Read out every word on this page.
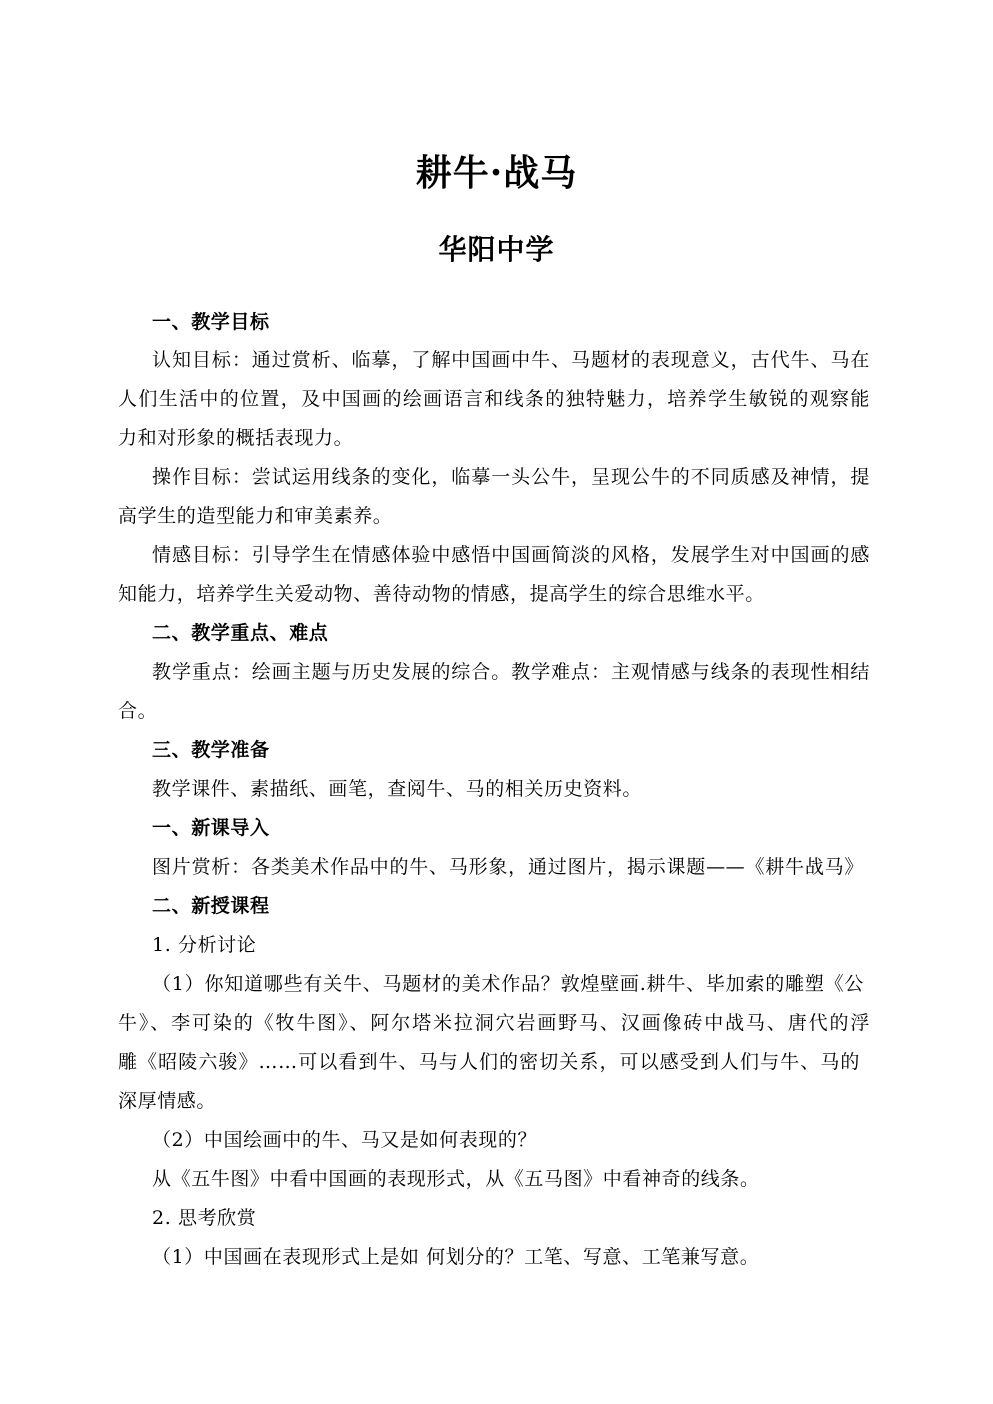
耕牛·战马
华阳中学
一、教学目标
认知目标：通过赏析、临摹，了解中国画中牛、马题材的表现意义，古代牛、马在
人们生活中的位置，及中国画的绘画语言和线条的独特魅力，培养学生敏锐的观察能
力和对形象的概括表现力。
操作目标：尝试运用线条的变化，临摹一头公牛，呈现公牛的不同质感及神情，提
高学生的造型能力和审美素养。
情感目标：引导学生在情感体验中感悟中国画简淡的风格，发展学生对中国画的感
知能力，培养学生关爱动物、善待动物的情感，提高学生的综合思维水平。
二、教学重点、难点
教学重点：绘画主题与历史发展的综合。教学难点：主观情感与线条的表现性相结
合。
三、教学准备
教学课件、素描纸、画笔，查阅牛、马的相关历史资料。
一、新课导入
图片赏析：各类美术作品中的牛、马形象，通过图片，揭示课题——《耕牛战马》
二、新授课程
1. 分析讨论
（1）你知道哪些有关牛、马题材的美术作品？敦煌壁画.耕牛、毕加索的雕塑《公
牛》、李可染的《牧牛图》、阿尔塔米拉洞穴岩画野马、汉画像砖中战马、唐代的浮
雕《昭陵六骏》……可以看到牛、马与人们的密切关系，可以感受到人们与牛、马的
深厚情感。
（2）中国绘画中的牛、马又是如何表现的？
从《五牛图》中看中国画的表现形式，从《五马图》中看神奇的线条。
2. 思考欣赏
（1）中国画在表现形式上是如 何划分的？工笔、写意、工笔兼写意。
